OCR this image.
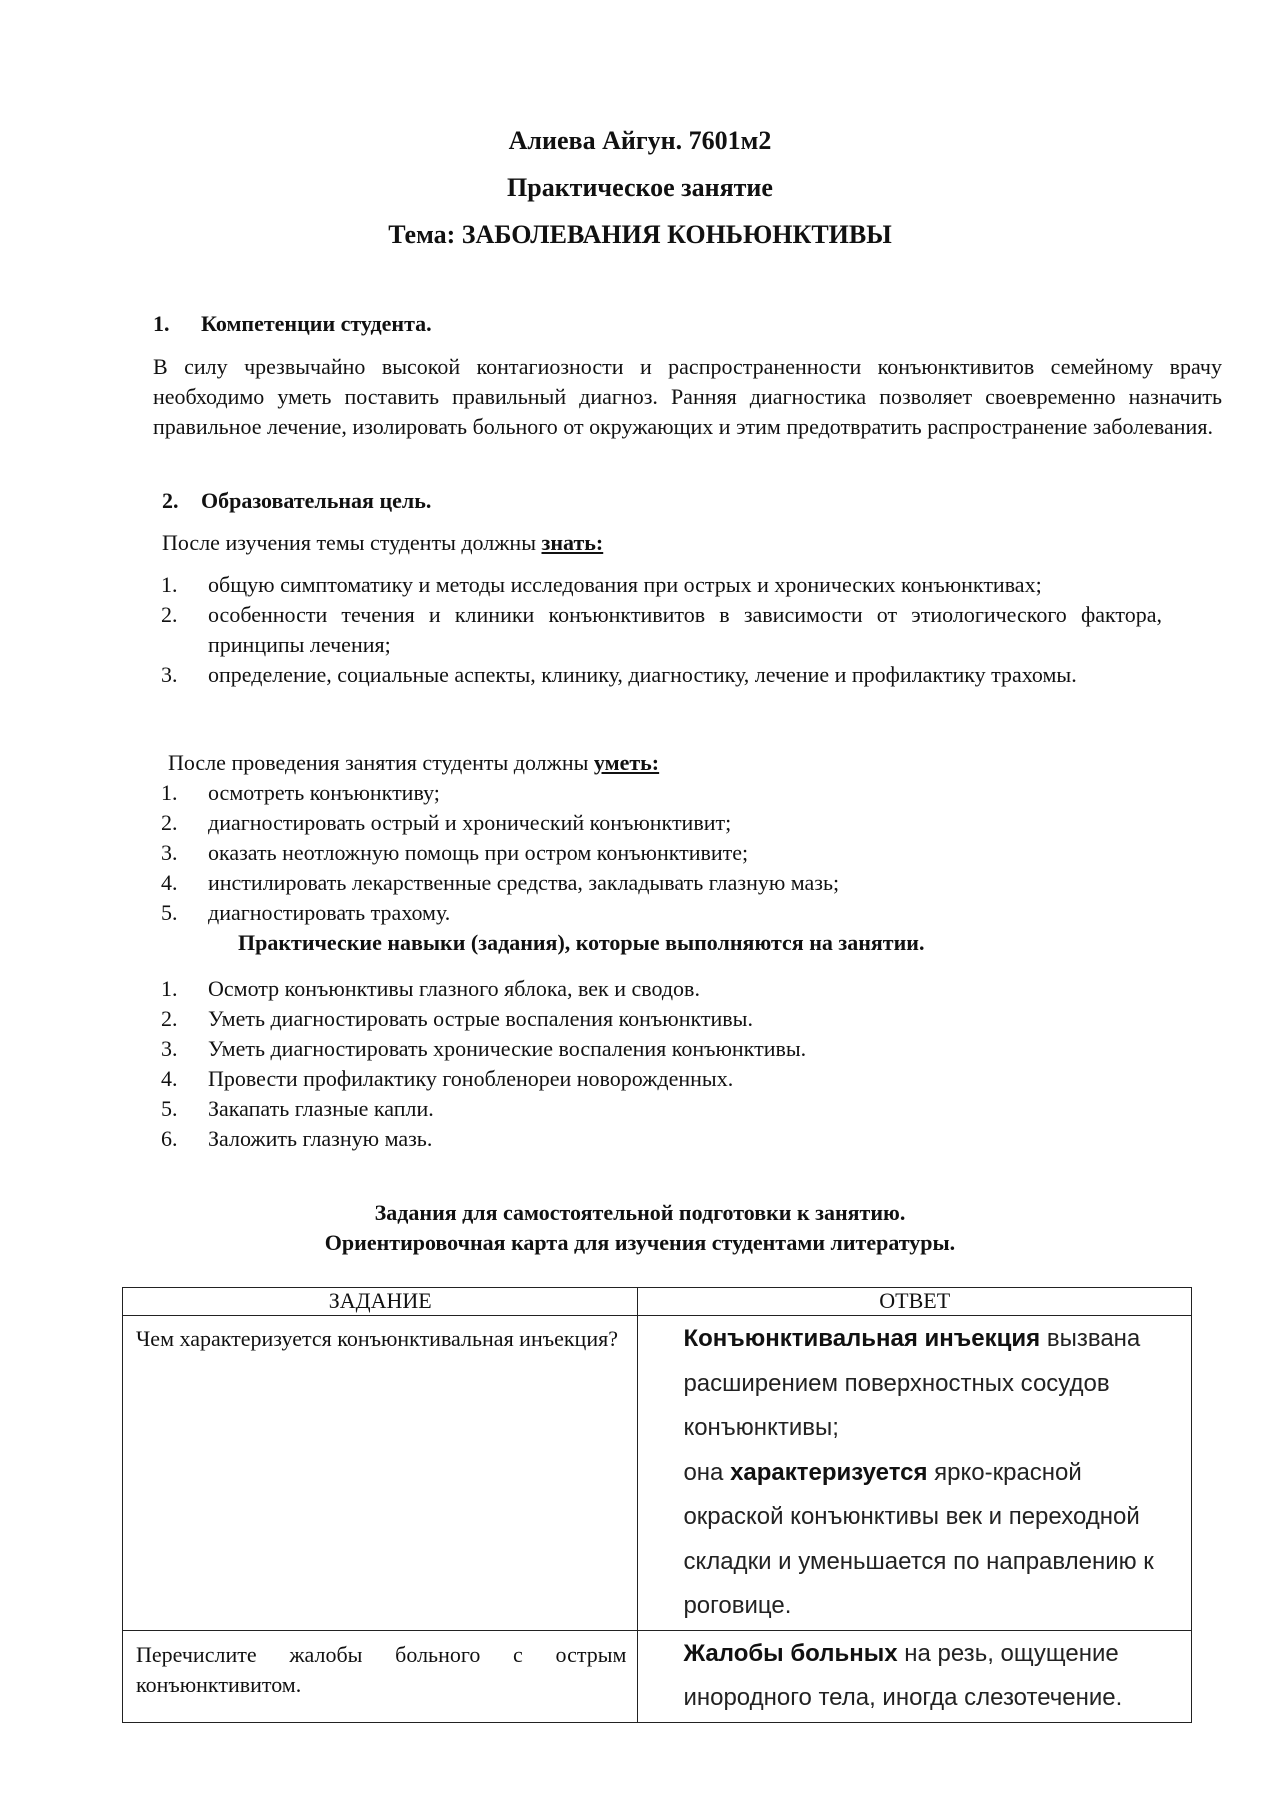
Алиева Айгун. 7601м2
Практическое занятие
Тема: ЗАБОЛЕВАНИЯ КОНЬЮНКТИВЫ
1. Компетенции студента.
В силу чрезвычайно высокой контагиозности и распространенности конъюнктивитов семейному врачу необходимо уметь поставить правильный диагноз. Ранняя диагностика позволяет своевременно назначить правильное лечение, изолировать больного от окружающих и этим предотвратить распространение заболевания.
2. Образовательная цель.
После изучения темы студенты должны знать:
1. общую симптоматику и методы исследования при острых и хронических конъюнктивах;
2. особенности течения и клиники конъюнктивитов в зависимости от этиологического фактора, принципы лечения;
3. определение, социальные аспекты, клинику, диагностику, лечение и профилактику трахомы.
После проведения занятия студенты должны уметь:
1. осмотреть конъюнктиву;
2. диагностировать острый и хронический конъюнктивит;
3. оказать неотложную помощь при остром конъюнктивите;
4. инстилировать лекарственные средства, закладывать глазную мазь;
5. диагностировать трахому.
Практические навыки (задания), которые выполняются на занятии.
1. Осмотр конъюнктивы глазного яблока, век и сводов.
2. Уметь диагностировать острые воспаления конъюнктивы.
3. Уметь диагностировать хронические воспаления конъюнктивы.
4. Провести профилактику гонобленореи новорожденных.
5. Закапать глазные капли.
6. Заложить глазную мазь.
Задания для самостоятельной подготовки к занятию.
Ориентировочная карта для изучения студентами литературы.
ЗАДАНИЕ	ОТВЕТ

Чем характеризуется конъюнктивальная инъекция?	Конъюнктивальная инъекция вызвана расширением поверхностных сосудов конъюнктивы;
она характеризуется ярко-красной окраской конъюнктивы век и переходной складки и уменьшается по направлению к роговице.

Перечислите жалобы больного с острым конъюнктивитом.	Жалобы больных на резь, ощущение инородного тела, иногда слезотечение.
